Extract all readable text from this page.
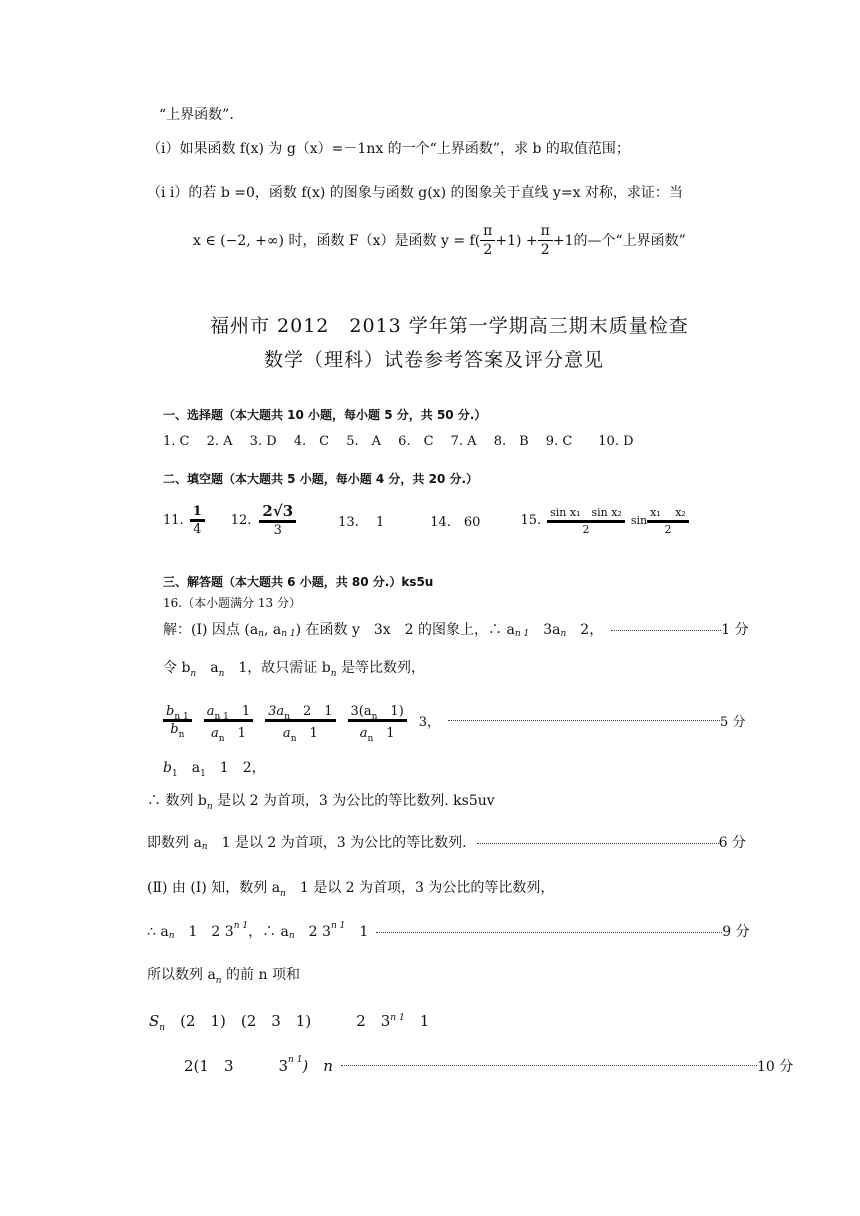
“上界函数”.
（i）如果函数 f(x) 为 g（x）=－1nx 的一个“上界函数”，求 b 的取值范围；
（i i）的若 b =0，函数 f(x) 的图象与函数 g(x) 的图象关于直线 y=x 对称，求证：当
x ∈ (−2, +∞) 时，函数 F（x）是函数 $y = f( \frac{\pi}{2} +1) + \frac{\pi}{2} +1$的—个“上界函数”
福州市 2012　2013 学年第一学期高三期末质量检查
数学（理科）试卷参考答案及评分意见
一、选择题（本大题共 10 小题，每小题 5 分，共 50 分.）
1. C　 2. A　 3. D　 4.　C　 5.　A　 6.　C　 7. A　 8.　B　 9. C　　10. D
二、填空题（本大题共 5 小题，每小题 4 分，共 20 分.）
11. $\frac{1}{4} 12$. $\frac{2√3}{3}$	13.　 1	14.　60	15. $\frac{\text{sin x₁　sin x₂}}{2}$ $\sin \frac{\text{x₁　 x₂}}{2}$
三、解答题（本大题共 6 小题，共 80 分.）ks5u
16.（本小题满分 13 分）
解：(Ⅰ) 因点 (a n , a n 1 ) 在函数 y　3x　2 的图象上，∴ a n 1 　3a n 　2，	1 分
令 $b_n$　$a_n$　1，故只需证 $b_n$ 是等比数列，
$\frac{b_{n 1}}{b_n} \frac{a_{n 1} 1}{a_n 1} \frac{3a_n 2 1}{a_n 1} \frac{3(a_n 1)}{a_n 1} 3$，	5 分
$b_1$　$a_1$　1　2，
∴ 数列 $b_n$ 是以 2 为首项，3 为公比的等比数列. ks5uv
即数列 a n 　1 是以 2 为首项，3 为公比的等比数列.	6 分
(Ⅱ) 由 (Ⅰ) 知，数列 $a_n$　1 是以 2 为首项，3 为公比的等比数列，
∴ a n 　1　2 3 n 1 ，∴ a n 　2 3 n 1 　1	9 分
所以数列 $a_n$ 的前 n 项和
$S_n$　(2　1)　(2　3　1)　　　2　$3^{n 1}$　1
2(1　3　　　3 n 1 )　n	10 分
